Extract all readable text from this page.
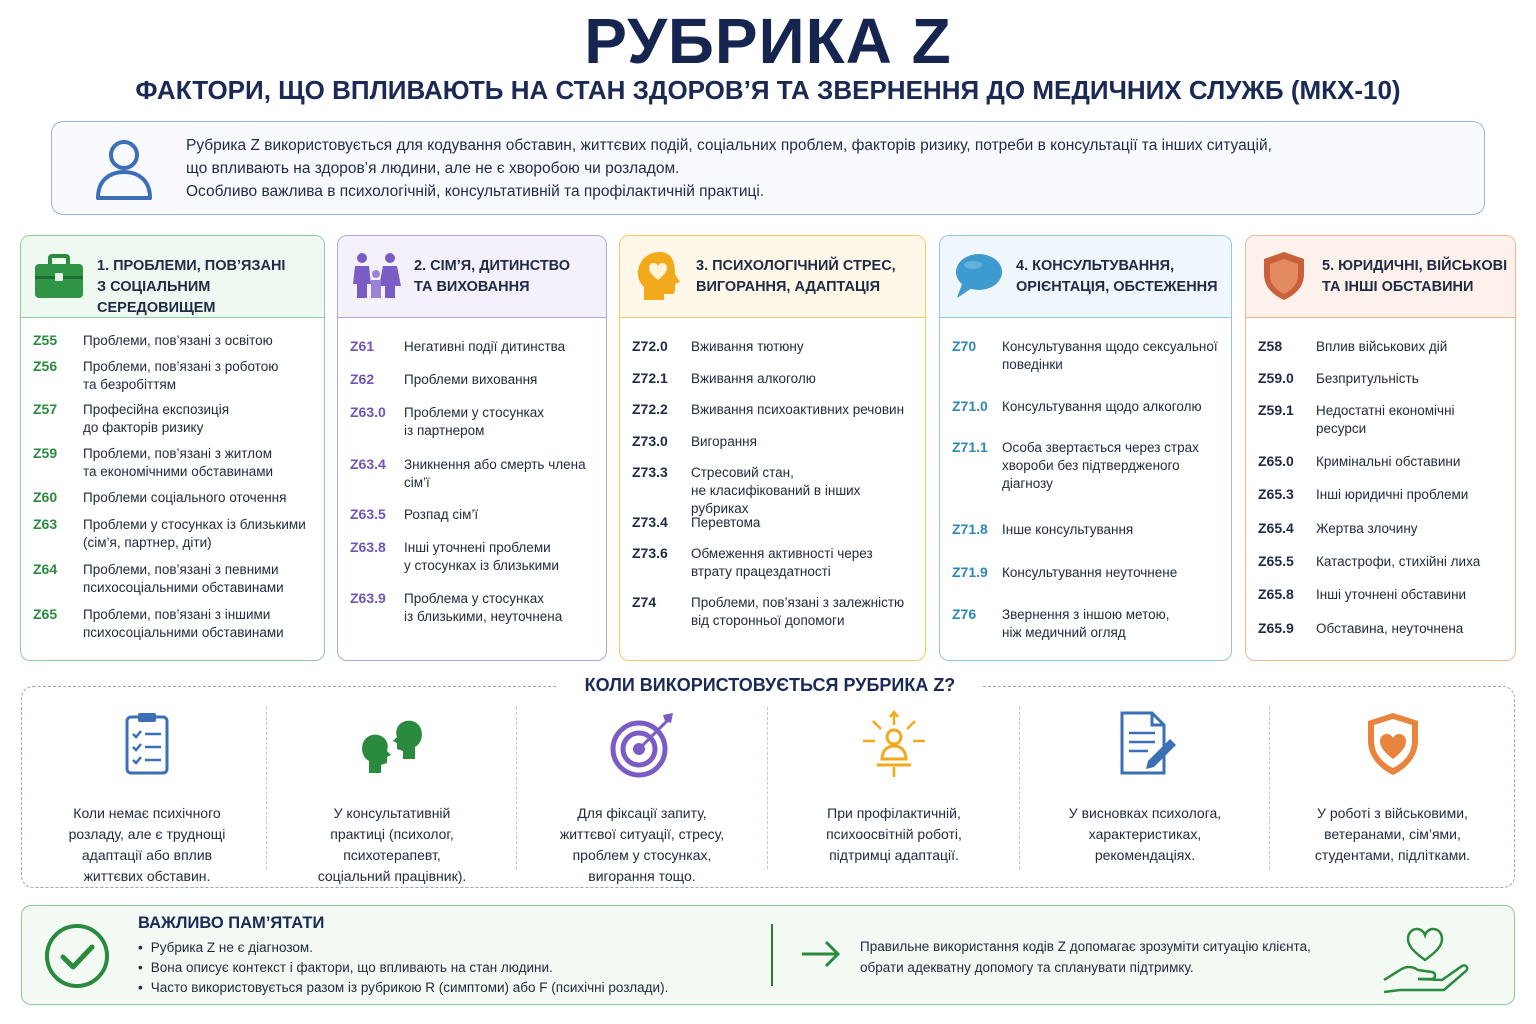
РУБРИКА Z
ФАКТОРИ, ЩО ВПЛИВАЮТЬ НА СТАН ЗДОРОВ’Я ТА ЗВЕРНЕННЯ ДО МЕДИЧНИХ СЛУЖБ (МКХ-10)
Рубрика Z використовується для кодування обставин, життєвих подій, соціальних проблем, факторів ризику, потреби в консультації та інших ситуацій,
що впливають на здоров’я людини, але не є хворобою чи розладом.
Особливо важлива в психологічній, консультативній та профілактичній практиці.
1. ПРОБЛЕМИ, ПОВ’ЯЗАНІ
З СОЦІАЛЬНИМ СЕРЕДОВИЩЕМ
Z55 Проблеми, пов’язані з освітою
Z56 Проблеми, пов’язані з роботою
та безробіттям
Z57 Професійна експозиція
до факторів ризику
Z59 Проблеми, пов’язані з житлом
та економічними обставинами
Z60 Проблеми соціального оточення
Z63 Проблеми у стосунках із близькими
(сім’я, партнер, діти)
Z64 Проблеми, пов’язані з певними
психосоціальними обставинами
Z65 Проблеми, пов’язані з іншими
психосоціальними обставинами
2. СІМ’Я, ДИТИНСТВО
ТА ВИХОВАННЯ
Z61 Негативні події дитинства
Z62 Проблеми виховання
Z63.0 Проблеми у стосунках
із партнером
Z63.4 Зникнення або смерть члена
сім’ї
Z63.5 Розпад сім’ї
Z63.8 Інші уточнені проблеми
у стосунках із близькими
Z63.9 Проблема у стосунках
із близькими, неуточнена
3. ПСИХОЛОГІЧНИЙ СТРЕС,
ВИГОРАННЯ, АДАПТАЦІЯ
Z72.0 Вживання тютюну
Z72.1 Вживання алкоголю
Z72.2 Вживання психоактивних речовин
Z73.0 Вигорання
Z73.3 Стресовий стан,
не класифікований в інших рубриках
Z73.4 Перевтома
Z73.6 Обмеження активності через
втрату працездатності
Z74	Проблеми, пов’язані з залежністю
від сторонньої допомоги
4. КОНСУЛЬТУВАННЯ,
ОРІЄНТАЦІЯ, ОБСТЕЖЕННЯ
Z70 Консультування щодо сексуальної
поведінки
Z71.0 Консультування щодо алкоголю
Z71.1 Особа звертається через страх
хвороби без підтвердженого
діагнозу
Z71.8 Інше консультування
Z71.9 Консультування неуточнене
Z76 Звернення з іншою метою,
ніж медичний огляд
5. ЮРИДИЧНІ, ВІЙСЬКОВІ
ТА ІНШІ ОБСТАВИНИ
Z58	Вплив військових дій
Z59.0 Безпритульність
Z59.1 Недостатні економічні
ресурси
Z65.0 Кримінальні обставини
Z65.3 Інші юридичні проблеми
Z65.4 Жертва злочину
Z65.5 Катастрофи, стихійні лиха
Z65.8 Інші уточнені обставини
Z65.9 Обставина, неуточнена
КОЛИ ВИКОРИСТОВУЄТЬСЯ РУБРИКА Z?
Коли немає психічного
розладу, але є труднощі
адаптації або вплив
життєвих обставин.
У консультативній
практиці (психолог,
психотерапевт,
соціальний працівник).
Для фіксації запиту,
життєвої ситуації, стресу,
проблем у стосунках,
вигорання тощо.
При профілактичній,
психоосвітній роботі,
підтримці адаптації.
У висновках психолога,
характеристиках,
рекомендаціях.
У роботі з військовими,
ветеранами, сім’ями,
студентами, підлітками.
ВАЖЛИВО ПАМ’ЯТАТИ
• Рубрика Z не є діагнозом.
• Вона описує контекст і фактори, що впливають на стан людини.
• Часто використовується разом із рубрикою R (симптоми) або F (психічні розлади).
Правильне використання кодів Z допомагає зрозуміти ситуацію клієнта,
обрати адекватну допомогу та спланувати підтримку.
